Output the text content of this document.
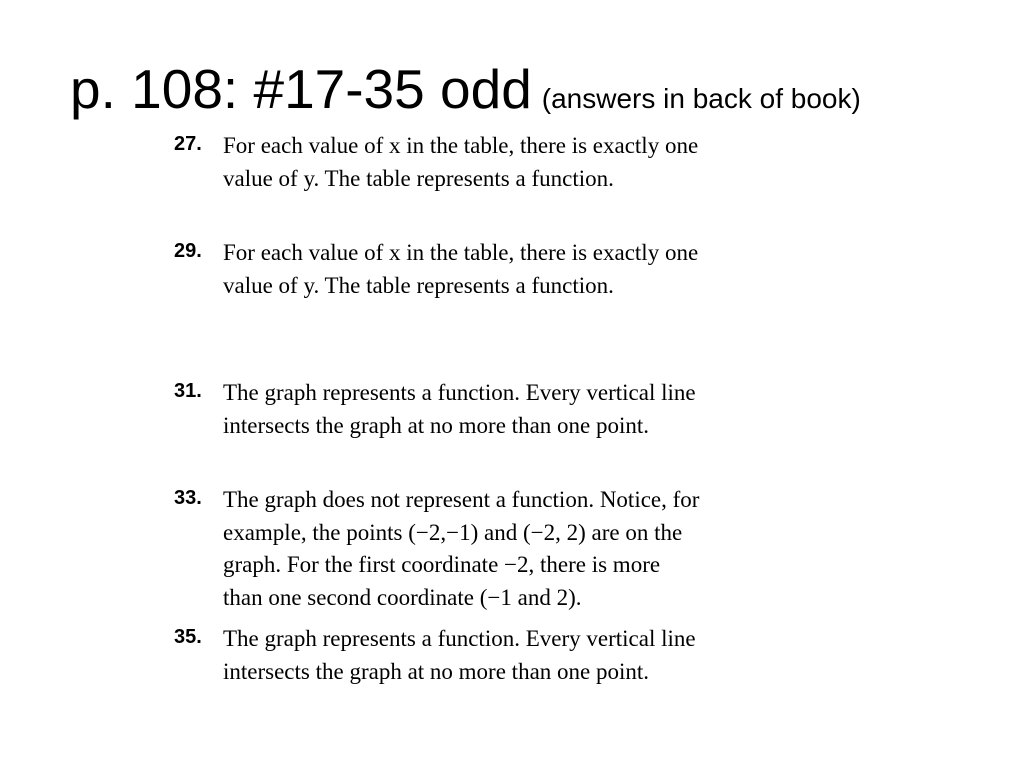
p. 108: #17-35 odd (answers in back of book)
27. For each value of x in the table, there is exactly one
value of y. The table represents a function.
29. For each value of x in the table, there is exactly one
value of y. The table represents a function.
31. The graph represents a function. Every vertical line
intersects the graph at no more than one point.
33. The graph does not represent a function. Notice, for
example, the points (−2,−1) and (−2, 2) are on the
graph. For the first coordinate −2, there is more
than one second coordinate (−1 and 2).
35. The graph represents a function. Every vertical line
intersects the graph at no more than one point.
